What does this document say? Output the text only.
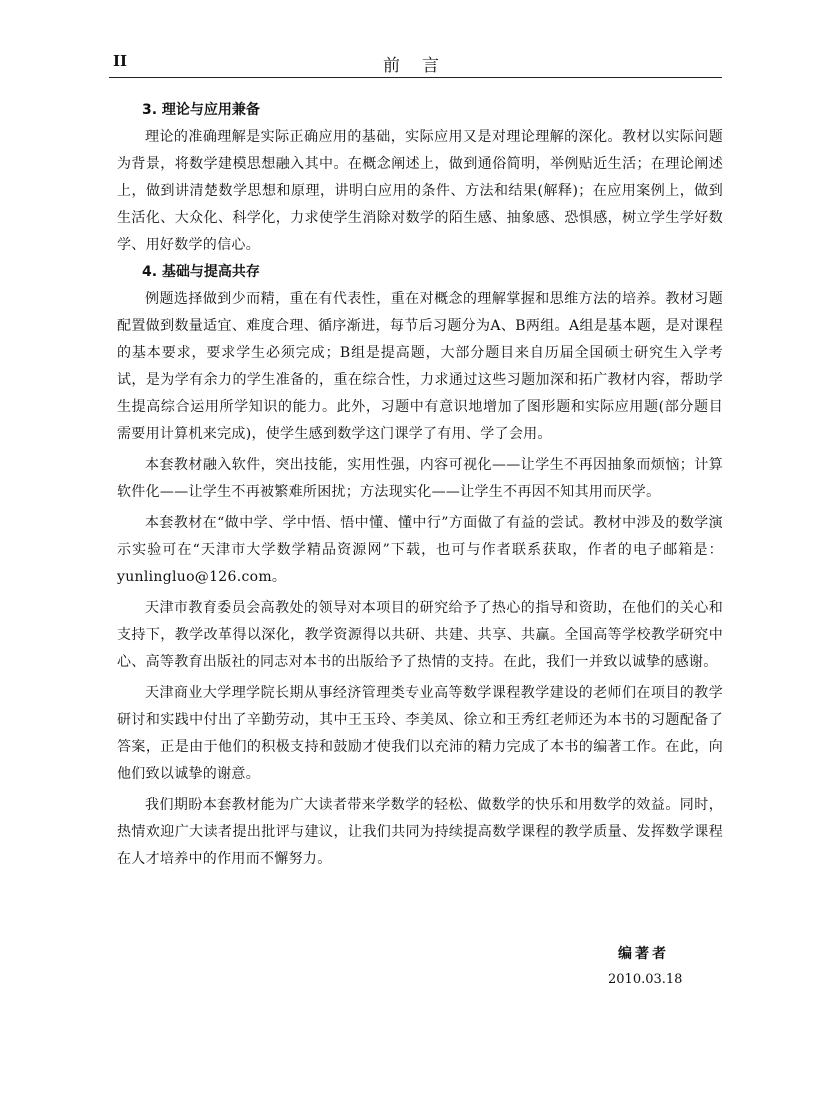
II	前言
3. 理论与应用兼备

理论的准确理解是实际正确应用的基础，实际应用又是对理论理解的深化。教材以实际问题为背景，将数学建模思想融入其中。在概念阐述上，做到通俗简明，举例贴近生活；在理论阐述上，做到讲清楚数学思想和原理，讲明白应用的条件、方法和结果(解释)；在应用案例上，做到生活化、大众化、科学化，力求使学生消除对数学的陌生感、抽象感、恐惧感，树立学生学好数学、用好数学的信心。

4. 基础与提高共存

例题选择做到少而精，重在有代表性，重在对概念的理解掌握和思维方法的培养。教材习题配置做到数量适宜、难度合理、循序渐进，每节后习题分为A、B两组。A组是基本题，是对课程的基本要求，要求学生必须完成；B组是提高题，大部分题目来自历届全国硕士研究生入学考试，是为学有余力的学生准备的，重在综合性，力求通过这些习题加深和拓广教材内容，帮助学生提高综合运用所学知识的能力。此外，习题中有意识地增加了图形题和实际应用题(部分题目需要用计算机来完成)，使学生感到数学这门课学了有用、学了会用。

本套教材融入软件，突出技能，实用性强，内容可视化——让学生不再因抽象而烦恼；计算软件化——让学生不再被繁难所困扰；方法现实化——让学生不再因不知其用而厌学。

本套教材在“做中学、学中悟、悟中懂、懂中行”方面做了有益的尝试。教材中涉及的数学演示实验可在“天津市大学数学精品资源网”下载，也可与作者联系获取，作者的电子邮箱是：yunlingluo@126.com。

天津市教育委员会高教处的领导对本项目的研究给予了热心的指导和资助，在他们的关心和支持下，教学改革得以深化，教学资源得以共研、共建、共享、共赢。全国高等学校教学研究中心、高等教育出版社的同志对本书的出版给予了热情的支持。在此，我们一并致以诚挚的感谢。

天津商业大学理学院长期从事经济管理类专业高等数学课程教学建设的老师们在项目的教学研讨和实践中付出了辛勤劳动，其中王玉玲、李美凤、徐立和王秀红老师还为本书的习题配备了答案，正是由于他们的积极支持和鼓励才使我们以充沛的精力完成了本书的编著工作。在此，向他们致以诚挚的谢意。

我们期盼本套教材能为广大读者带来学数学的轻松、做数学的快乐和用数学的效益。同时，热情欢迎广大读者提出批评与建议，让我们共同为持续提高数学课程的教学质量、发挥数学课程在人才培养中的作用而不懈努力。

编著者
2010.03.18
